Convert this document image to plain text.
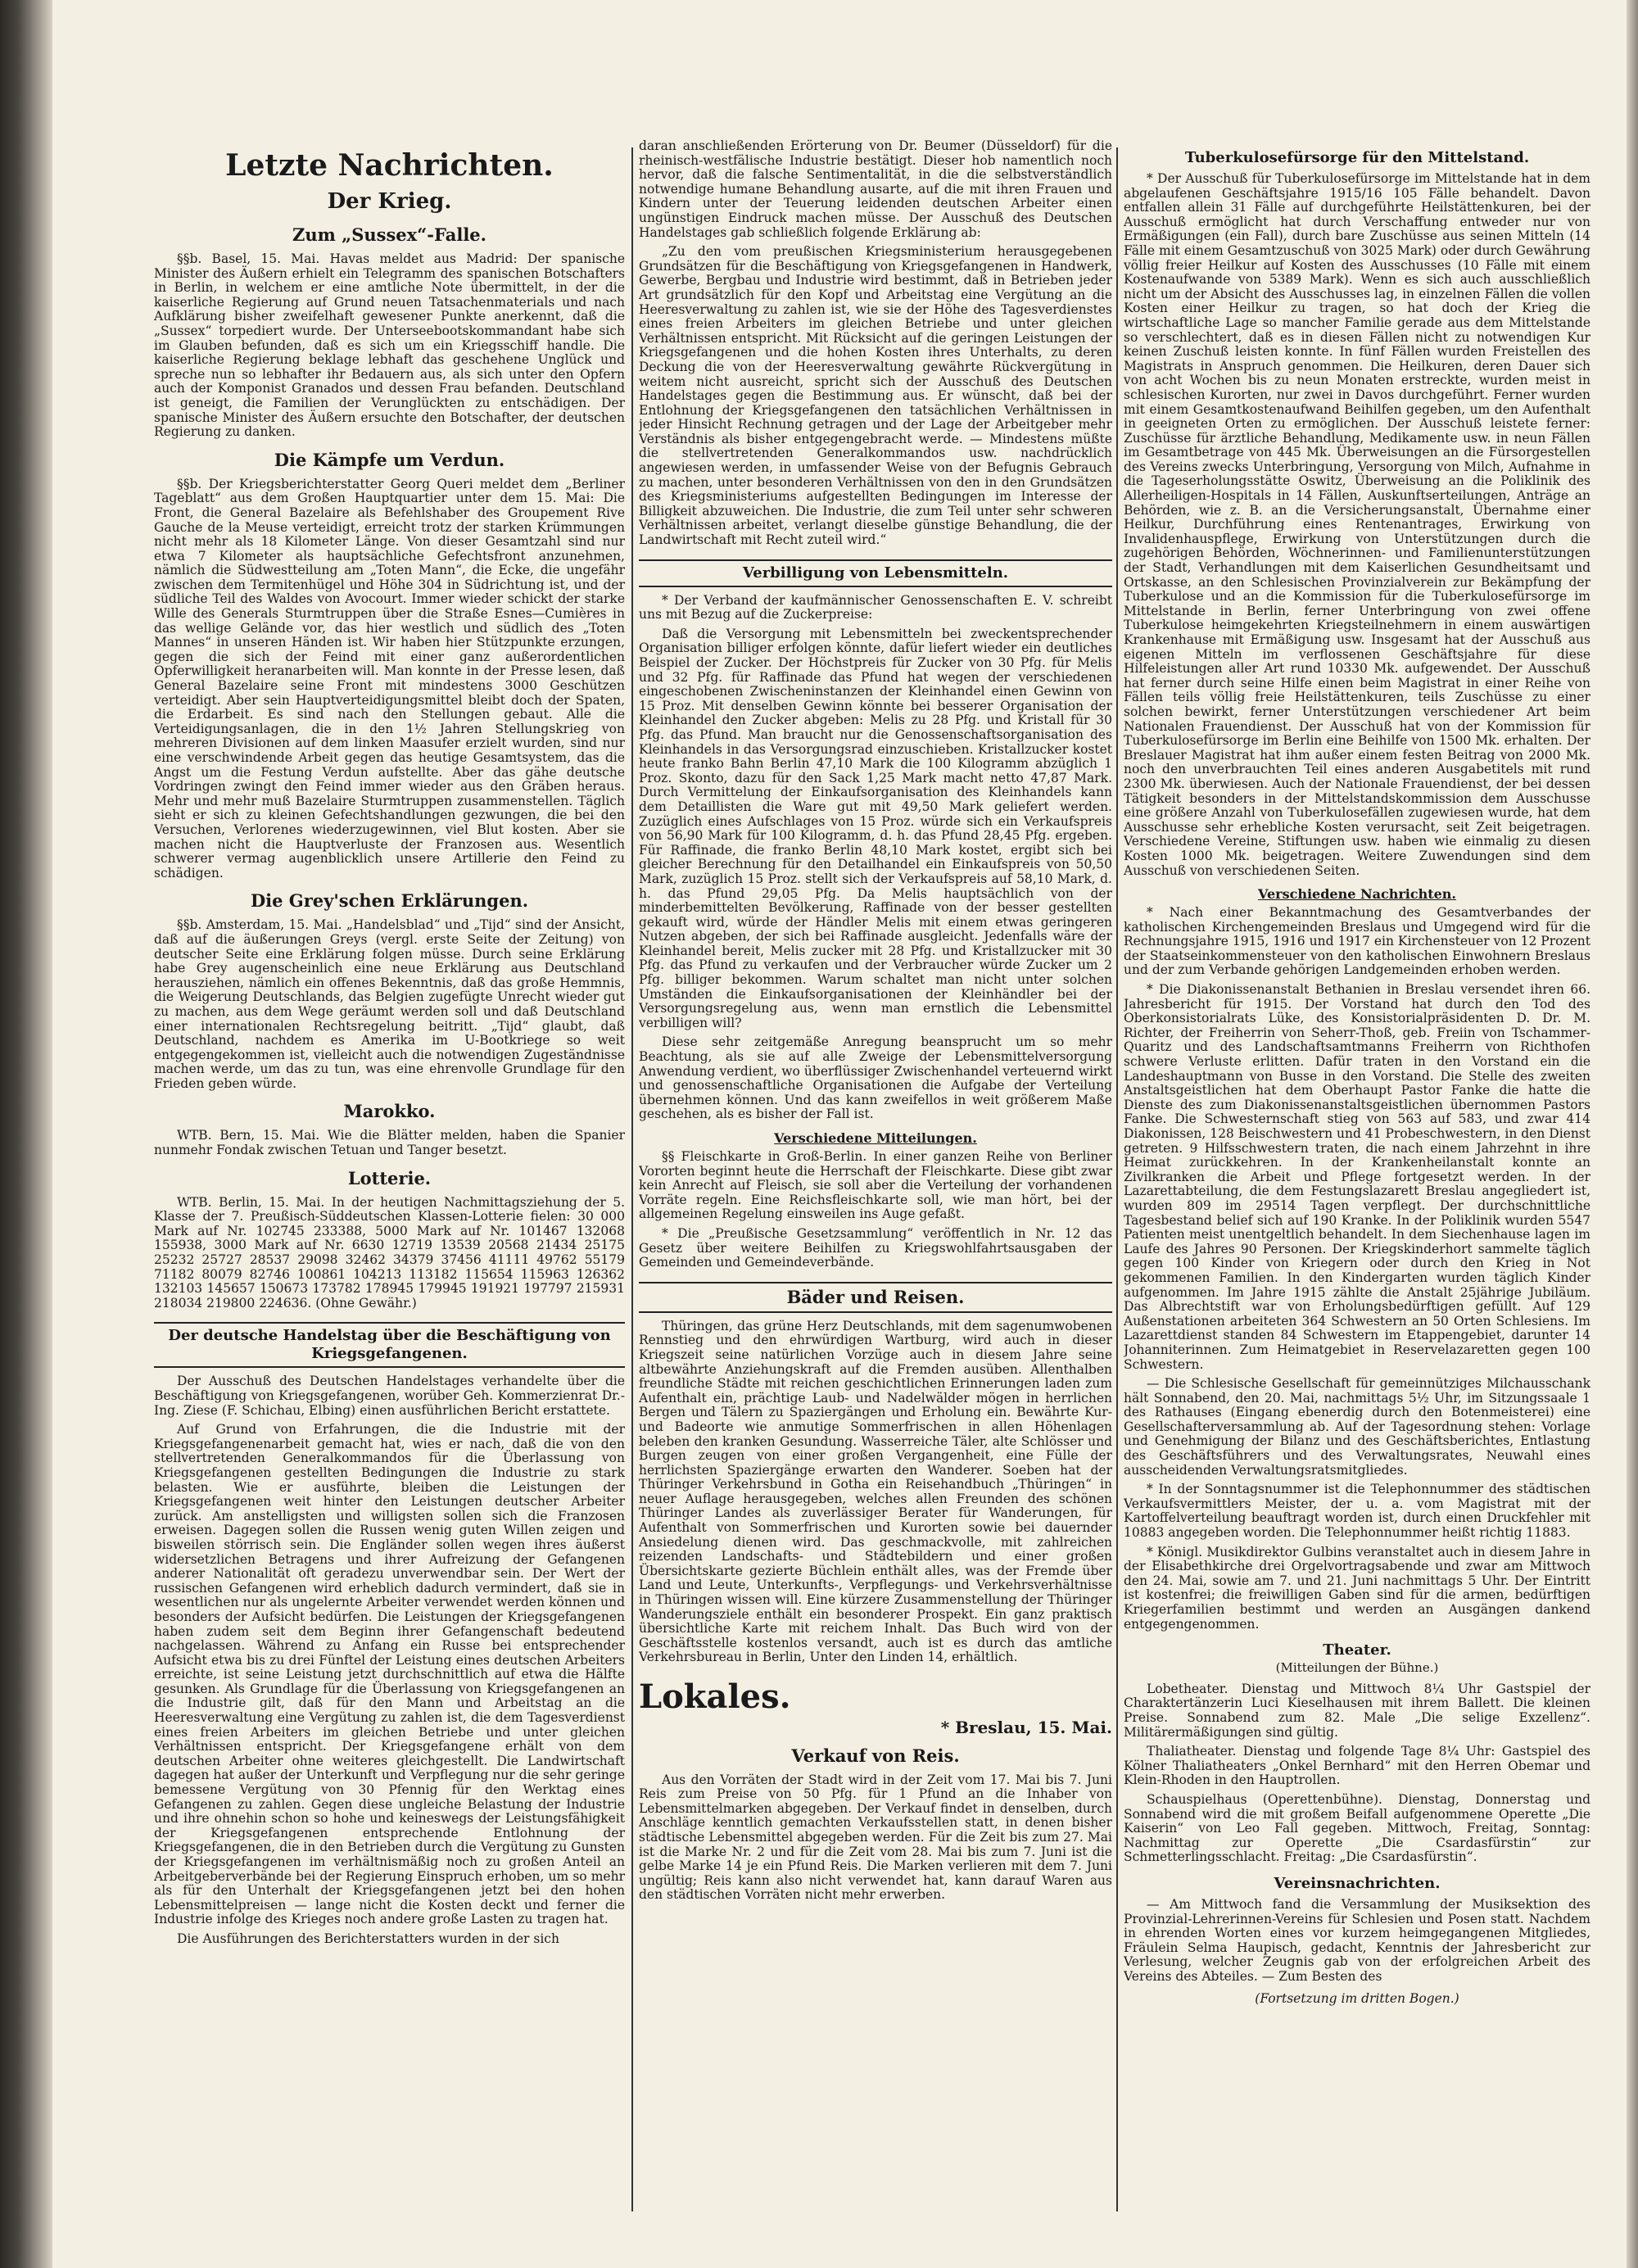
Letzte Nachrichten.
Der Krieg.
Zum „Sussex“-Falle.

§§b. Basel, 15. Mai. Havas meldet aus Madrid: Der spanische Minister des Äußern erhielt ein Telegramm des spanischen Botschafters in Berlin, in welchem er eine amtliche Note übermittelt, in der die kaiserliche Regierung auf Grund neuen Tatsachenmaterials und nach Aufklärung bisher zweifelhaft gewesener Punkte anerkennt, daß die „Sussex“ torpediert wurde. Der Unterseebootskommandant habe sich im Glauben befunden, daß es sich um ein Kriegsschiff handle. Die kaiserliche Regierung beklage lebhaft das geschehene Unglück und spreche nun so lebhafter ihr Bedauern aus, als sich unter den Opfern auch der Komponist Granados und dessen Frau befanden. Deutschland ist geneigt, die Familien der Verunglückten zu entschädigen. Der spanische Minister des Äußern ersuchte den Botschafter, der deutschen Regierung zu danken.

Die Kämpfe um Verdun.

§§b. Der Kriegsberichterstatter Georg Queri meldet dem „Berliner Tageblatt“ aus dem Großen Hauptquartier unter dem 15. Mai: Die Front, die General Bazelaire als Befehlshaber des Groupement Rive Gauche de la Meuse verteidigt, erreicht trotz der starken Krümmungen nicht mehr als 18 Kilometer Länge. Von dieser Gesamtzahl sind nur etwa 7 Kilometer als hauptsächliche Gefechtsfront anzunehmen, nämlich die Südwestteilung am „Toten Mann“, die Ecke, die ungefähr zwischen dem Termitenhügel und Höhe 304 in Südrichtung ist, und der südliche Teil des Waldes von Avocourt. Immer wieder schickt der starke Wille des Generals Sturmtruppen über die Straße Esnes—Cumières in das wellige Gelände vor, das hier westlich und südlich des „Toten Mannes“ in unseren Händen ist. Wir haben hier Stützpunkte erzungen, gegen die sich der Feind mit einer ganz außerordentlichen Opferwilligkeit heranarbeiten will. Man konnte in der Presse lesen, daß General Bazelaire seine Front mit mindestens 3000 Geschützen verteidigt. Aber sein Hauptverteidigungsmittel bleibt doch der Spaten, die Erdarbeit. Es sind nach den Stellungen gebaut. Alle die Verteidigungsanlagen, die in den 1½ Jahren Stellungskrieg von mehreren Divisionen auf dem linken Maasufer erzielt wurden, sind nur eine verschwindende Arbeit gegen das heutige Gesamtsystem, das die Angst um die Festung Verdun aufstellte. Aber das gähe deutsche Vordringen zwingt den Feind immer wieder aus den Gräben heraus. Mehr und mehr muß Bazelaire Sturmtruppen zusammenstellen. Täglich sieht er sich zu kleinen Gefechtshandlungen gezwungen, die bei den Versuchen, Verlorenes wiederzugewinnen, viel Blut kosten. Aber sie machen nicht die Hauptverluste der Franzosen aus. Wesentlich schwerer vermag augenblicklich unsere Artillerie den Feind zu schädigen.

Die Grey'schen Erklärungen.

§§b. Amsterdam, 15. Mai. „Handelsblad“ und „Tijd“ sind der Ansicht, daß auf die äußerungen Greys (vergl. erste Seite der Zeitung) von deutscher Seite eine Erklärung folgen müsse. Durch seine Erklärung habe Grey augenscheinlich eine neue Erklärung aus Deutschland herausziehen, nämlich ein offenes Bekenntnis, daß das große Hemmnis, die Weigerung Deutschlands, das Belgien zugefügte Unrecht wieder gut zu machen, aus dem Wege geräumt werden soll und daß Deutschland einer internationalen Rechtsregelung beitritt. „Tijd“ glaubt, daß Deutschland, nachdem es Amerika im U-Bootkriege so weit entgegengekommen ist, vielleicht auch die notwendigen Zugeständnisse machen werde, um das zu tun, was eine ehrenvolle Grundlage für den Frieden geben würde.

Marokko.

WTB. Bern, 15. Mai. Wie die Blätter melden, haben die Spanier nunmehr Fondak zwischen Tetuan und Tanger besetzt.

Lotterie.

WTB. Berlin, 15. Mai. In der heutigen Nachmittagsziehung der 5. Klasse der 7. Preußisch-Süddeutschen Klassen-Lotterie fielen: 30 000 Mark auf Nr. 102745 233388, 5000 Mark auf Nr. 101467 132068 155938, 3000 Mark auf Nr. 6630 12719 13539 20568 21434 25175 25232 25727 28537 29098 32462 34379 37456 41111 49762 55179 71182 80079 82746 100861 104213 113182 115654 115963 126362 132103 145657 150673 173782 178945 179945 191921 197797 215931 218034 219800 224636. (Ohne Gewähr.)

Der deutsche Handelstag über die Beschäftigung von Kriegsgefangenen.

Der Ausschuß des Deutschen Handelstages verhandelte über die Beschäftigung von Kriegsgefangenen, worüber Geh. Kommerzienrat Dr.-Ing. Ziese (F. Schichau, Elbing) einen ausführlichen Bericht erstattete.

Auf Grund von Erfahrungen, die die Industrie mit der Kriegsgefangenenarbeit gemacht hat, wies er nach, daß die von den stellvertretenden Generalkommandos für die Überlassung von Kriegsgefangenen gestellten Bedingungen die Industrie zu stark belasten. Wie er ausführte, bleiben die Leistungen der Kriegsgefangenen weit hinter den Leistungen deutscher Arbeiter zurück. Am anstelligsten und willigsten sollen sich die Franzosen erweisen. Dagegen sollen die Russen wenig guten Willen zeigen und bisweilen störrisch sein. Die Engländer sollen wegen ihres äußerst widersetzlichen Betragens und ihrer Aufreizung der Gefangenen anderer Nationalität oft geradezu unverwendbar sein. Der Wert der russischen Gefangenen wird erheblich dadurch vermindert, daß sie in wesentlichen nur als ungelernte Arbeiter verwendet werden können und besonders der Aufsicht bedürfen. Die Leistungen der Kriegsgefangenen haben zudem seit dem Beginn ihrer Gefangenschaft bedeutend nachgelassen. Während zu Anfang ein Russe bei entsprechender Aufsicht etwa bis zu drei Fünftel der Leistung eines deutschen Arbeiters erreichte, ist seine Leistung jetzt durchschnittlich auf etwa die Hälfte gesunken. Als Grundlage für die Überlassung von Kriegsgefangenen an die Industrie gilt, daß für den Mann und Arbeitstag an die Heeresverwaltung eine Vergütung zu zahlen ist, die dem Tagesverdienst eines freien Arbeiters im gleichen Betriebe und unter gleichen Verhältnissen entspricht. Der Kriegsgefangene erhält von dem deutschen Arbeiter ohne weiteres gleichgestellt. Die Landwirtschaft dagegen hat außer der Unterkunft und Verpflegung nur die sehr geringe bemessene Vergütung von 30 Pfennig für den Werktag eines Gefangenen zu zahlen. Gegen diese ungleiche Belastung der Industrie und ihre ohnehin schon so hohe und keineswegs der Leistungsfähigkeit der Kriegsgefangenen entsprechende Entlohnung der Kriegsgefangenen, die in den Betrieben durch die Vergütung zu Gunsten der Kriegsgefangenen im verhältnismäßig noch zu großen Anteil an Arbeitgeberverbände bei der Regierung Einspruch erhoben, um so mehr als für den Unterhalt der Kriegsgefangenen jetzt bei den hohen Lebensmittelpreisen — lange nicht die Kosten deckt und ferner die Industrie infolge des Krieges noch andere große Lasten zu tragen hat.

Die Ausführungen des Berichterstatters wurden in der sich

daran anschließenden Erörterung von Dr. Beumer (Düsseldorf) für die rheinisch-westfälische Industrie bestätigt. Dieser hob namentlich noch hervor, daß die falsche Sentimentalität, in die die selbstverständlich notwendige humane Behandlung ausarte, auf die mit ihren Frauen und Kindern unter der Teuerung leidenden deutschen Arbeiter einen ungünstigen Eindruck machen müsse. Der Ausschuß des Deutschen Handelstages gab schließlich folgende Erklärung ab:

„Zu den vom preußischen Kriegsministerium herausgegebenen Grundsätzen für die Beschäftigung von Kriegsgefangenen in Handwerk, Gewerbe, Bergbau und Industrie wird bestimmt, daß in Betrieben jeder Art grundsätzlich für den Kopf und Arbeitstag eine Vergütung an die Heeresverwaltung zu zahlen ist, wie sie der Höhe des Tagesverdienstes eines freien Arbeiters im gleichen Betriebe und unter gleichen Verhältnissen entspricht. Mit Rücksicht auf die geringen Leistungen der Kriegsgefangenen und die hohen Kosten ihres Unterhalts, zu deren Deckung die von der Heeresverwaltung gewährte Rückvergütung in weitem nicht ausreicht, spricht sich der Ausschuß des Deutschen Handelstages gegen die Bestimmung aus. Er wünscht, daß bei der Entlohnung der Kriegsgefangenen den tatsächlichen Verhältnissen in jeder Hinsicht Rechnung getragen und der Lage der Arbeitgeber mehr Verständnis als bisher entgegengebracht werde. — Mindestens müßte die stellvertretenden Generalkommandos usw. nachdrücklich angewiesen werden, in umfassender Weise von der Befugnis Gebrauch zu machen, unter besonderen Verhältnissen von den in den Grundsätzen des Kriegsministeriums aufgestellten Bedingungen im Interesse der Billigkeit abzuweichen. Die Industrie, die zum Teil unter sehr schweren Verhältnissen arbeitet, verlangt dieselbe günstige Behandlung, die der Landwirtschaft mit Recht zuteil wird.“

Verbilligung von Lebensmitteln.

* Der Verband der kaufmännischer Genossenschaften E. V. schreibt uns mit Bezug auf die Zuckerpreise:

Daß die Versorgung mit Lebensmitteln bei zweckentsprechender Organisation billiger erfolgen könnte, dafür liefert wieder ein deutliches Beispiel der Zucker. Der Höchstpreis für Zucker von 30 Pfg. für Melis und 32 Pfg. für Raffinade das Pfund hat wegen der verschiedenen eingeschobenen Zwischeninstanzen der Kleinhandel einen Gewinn von 15 Proz. Mit denselben Gewinn könnte bei besserer Organisation der Kleinhandel den Zucker abgeben: Melis zu 28 Pfg. und Kristall für 30 Pfg. das Pfund. Man braucht nur die Genossenschaftsorganisation des Kleinhandels in das Versorgungsrad einzuschieben. Kristallzucker kostet heute franko Bahn Berlin 47,10 Mark die 100 Kilogramm abzüglich 1 Proz. Skonto, dazu für den Sack 1,25 Mark macht netto 47,87 Mark. Durch Vermittelung der Einkaufsorganisation des Kleinhandels kann dem Detaillisten die Ware gut mit 49,50 Mark geliefert werden. Zuzüglich eines Aufschlages von 15 Proz. würde sich ein Verkaufspreis von 56,90 Mark für 100 Kilogramm, d. h. das Pfund 28,45 Pfg. ergeben. Für Raffinade, die franko Berlin 48,10 Mark kostet, ergibt sich bei gleicher Berechnung für den Detailhandel ein Einkaufspreis von 50,50 Mark, zuzüglich 15 Proz. stellt sich der Verkaufspreis auf 58,10 Mark, d. h. das Pfund 29,05 Pfg. Da Melis hauptsächlich von der minderbemittelten Bevölkerung, Raffinade von der besser gestellten gekauft wird, würde der Händler Melis mit einem etwas geringeren Nutzen abgeben, der sich bei Raffinade ausgleicht. Jedenfalls wäre der Kleinhandel bereit, Melis zucker mit 28 Pfg. und Kristallzucker mit 30 Pfg. das Pfund zu verkaufen und der Verbraucher würde Zucker um 2 Pfg. billiger bekommen. Warum schaltet man nicht unter solchen Umständen die Einkaufsorganisationen der Kleinhändler bei der Versorgungsregelung aus, wenn man ernstlich die Lebensmittel verbilligen will?

Diese sehr zeitgemäße Anregung beansprucht um so mehr Beachtung, als sie auf alle Zweige der Lebensmittelversorgung Anwendung verdient, wo überflüssiger Zwischenhandel verteuernd wirkt und genossenschaftliche Organisationen die Aufgabe der Verteilung übernehmen können. Und das kann zweifellos in weit größerem Maße geschehen, als es bisher der Fall ist.

Verschiedene Mitteilungen.

§§ Fleischkarte in Groß-Berlin. In einer ganzen Reihe von Berliner Vororten beginnt heute die Herrschaft der Fleischkarte. Diese gibt zwar kein Anrecht auf Fleisch, sie soll aber die Verteilung der vorhandenen Vorräte regeln. Eine Reichsfleischkarte soll, wie man hört, bei der allgemeinen Regelung einsweilen ins Auge gefaßt.

* Die „Preußische Gesetzsammlung“ veröffentlich in Nr. 12 das Gesetz über weitere Beihilfen zu Kriegswohlfahrtsausgaben der Gemeinden und Gemeindeverbände.

Bäder und Reisen.

Thüringen, das grüne Herz Deutschlands, mit dem sagenumwobenen Rennstieg und den ehrwürdigen Wartburg, wird auch in dieser Kriegszeit seine natürlichen Vorzüge auch in diesem Jahre seine altbewährte Anziehungskraft auf die Fremden ausüben. Allenthalben freundliche Städte mit reichen geschichtlichen Erinnerungen laden zum Aufenthalt ein, prächtige Laub- und Nadelwälder mögen in herrlichen Bergen und Tälern zu Spaziergängen und Erholung ein. Bewährte Kur- und Badeorte wie anmutige Sommerfrischen in allen Höhenlagen beleben den kranken Gesundung. Wasserreiche Täler, alte Schlösser und Burgen zeugen von einer großen Vergangenheit, eine Fülle der herrlichsten Spaziergänge erwarten den Wanderer. Soeben hat der Thüringer Verkehrsbund in Gotha ein Reisehandbuch „Thüringen“ in neuer Auflage herausgegeben, welches allen Freunden des schönen Thüringer Landes als zuverlässiger Berater für Wanderungen, für Aufenthalt von Sommerfrischen und Kurorten sowie bei dauernder Ansiedelung dienen wird. Das geschmackvolle, mit zahlreichen reizenden Landschafts- und Städtebildern und einer großen Übersichtskarte gezierte Büchlein enthält alles, was der Fremde über Land und Leute, Unterkunfts-, Verpflegungs- und Verkehrsverhältnisse in Thüringen wissen will. Eine kürzere Zusammenstellung der Thüringer Wanderungsziele enthält ein besonderer Prospekt. Ein ganz praktisch übersichtliche Karte mit reichem Inhalt. Das Buch wird von der Geschäftsstelle kostenlos versandt, auch ist es durch das amtliche Verkehrsbureau in Berlin, Unter den Linden 14, erhältlich.

Lokales.
* Breslau, 15. Mai.
Verkauf von Reis.

Aus den Vorräten der Stadt wird in der Zeit vom 17. Mai bis 7. Juni Reis zum Preise von 50 Pfg. für 1 Pfund an die Inhaber von Lebensmittelmarken abgegeben. Der Verkauf findet in denselben, durch Anschläge kenntlich gemachten Verkaufsstellen statt, in denen bisher städtische Lebensmittel abgegeben werden. Für die Zeit bis zum 27. Mai ist die Marke Nr. 2 und für die Zeit vom 28. Mai bis zum 7. Juni ist die gelbe Marke 14 je ein Pfund Reis. Die Marken verlieren mit dem 7. Juni ungültig; Reis kann also nicht verwendet hat, kann darauf Waren aus den städtischen Vorräten nicht mehr erwerben.

Tuberkulosefürsorge für den Mittelstand.

* Der Ausschuß für Tuberkulosefürsorge im Mittelstande hat in dem abgelaufenen Geschäftsjahre 1915/16 105 Fälle behandelt. Davon entfallen allein 31 Fälle auf durchgeführte Heilstättenkuren, bei der Ausschuß ermöglicht hat durch Verschaffung entweder nur von Ermäßigungen (ein Fall), durch bare Zuschüsse aus seinen Mitteln (14 Fälle mit einem Gesamtzuschuß von 3025 Mark) oder durch Gewährung völlig freier Heilkur auf Kosten des Ausschusses (10 Fälle mit einem Kostenaufwande von 5389 Mark). Wenn es sich auch ausschließlich nicht um der Absicht des Ausschusses lag, in einzelnen Fällen die vollen Kosten einer Heilkur zu tragen, so hat doch der Krieg die wirtschaftliche Lage so mancher Familie gerade aus dem Mittelstande so verschlechtert, daß es in diesen Fällen nicht zu notwendigen Kur keinen Zuschuß leisten konnte. In fünf Fällen wurden Freistellen des Magistrats in Anspruch genommen. Die Heilkuren, deren Dauer sich von acht Wochen bis zu neun Monaten erstreckte, wurden meist in schlesischen Kurorten, nur zwei in Davos durchgeführt. Ferner wurden mit einem Gesamtkostenaufwand Beihilfen gegeben, um den Aufenthalt in geeigneten Orten zu ermöglichen. Der Ausschuß leistete ferner: Zuschüsse für ärztliche Behandlung, Medikamente usw. in neun Fällen im Gesamtbetrage von 445 Mk. Überweisungen an die Fürsorgestellen des Vereins zwecks Unterbringung, Versorgung von Milch, Aufnahme in die Tageserholungsstätte Oswitz, Überweisung an die Poliklinik des Allerheiligen-Hospitals in 14 Fällen, Auskunftserteilungen, Anträge an Behörden, wie z. B. an die Versicherungsanstalt, Übernahme einer Heilkur, Durchführung eines Rentenantrages, Erwirkung von Invalidenhauspflege, Erwirkung von Unterstützungen durch die zugehörigen Behörden, Wöchnerinnen- und Familienunterstützungen der Stadt, Verhandlungen mit dem Kaiserlichen Gesundheitsamt und Ortskasse, an den Schlesischen Provinzialverein zur Bekämpfung der Tuberkulose und an die Kommission für die Tuberkulosefürsorge im Mittelstande in Berlin, ferner Unterbringung von zwei offene Tuberkulose heimgekehrten Kriegsteilnehmern in einem auswärtigen Krankenhause mit Ermäßigung usw. Insgesamt hat der Ausschuß aus eigenen Mitteln im verflossenen Geschäftsjahre für diese Hilfeleistungen aller Art rund 10330 Mk. aufgewendet. Der Ausschuß hat ferner durch seine Hilfe einen beim Magistrat in einer Reihe von Fällen teils völlig freie Heilstättenkuren, teils Zuschüsse zu einer solchen bewirkt, ferner Unterstützungen verschiedener Art beim Nationalen Frauendienst. Der Ausschuß hat von der Kommission für Tuberkulosefürsorge im Berlin eine Beihilfe von 1500 Mk. erhalten. Der Breslauer Magistrat hat ihm außer einem festen Beitrag von 2000 Mk. noch den unverbrauchten Teil eines anderen Ausgabetitels mit rund 2300 Mk. überwiesen. Auch der Nationale Frauendienst, der bei dessen Tätigkeit besonders in der Mittelstandskommission dem Ausschusse eine größere Anzahl von Tuberkulosefällen zugewiesen wurde, hat dem Ausschusse sehr erhebliche Kosten verursacht, seit Zeit beigetragen. Verschiedene Vereine, Stiftungen usw. haben wie einmalig zu diesen Kosten 1000 Mk. beigetragen. Weitere Zuwendungen sind dem Ausschuß von verschiedenen Seiten.

Verschiedene Nachrichten.

* Nach einer Bekanntmachung des Gesamtverbandes der katholischen Kirchengemeinden Breslaus und Umgegend wird für die Rechnungsjahre 1915, 1916 und 1917 ein Kirchensteuer von 12 Prozent der Staatseinkommensteuer von den katholischen Einwohnern Breslaus und der zum Verbande gehörigen Landgemeinden erhoben werden.

* Die Diakonissenanstalt Bethanien in Breslau versendet ihren 66. Jahresbericht für 1915. Der Vorstand hat durch den Tod des Oberkonsistorialrats Lüke, des Konsistorialpräsidenten D. Dr. M. Richter, der Freiherrin von Seherr-Thoß, geb. Freiin von Tschammer-Quaritz und des Landschaftsamtmanns Freiherrn von Richthofen schwere Verluste erlitten. Dafür traten in den Vorstand ein die Landeshauptmann von Busse in den Vorstand. Die Stelle des zweiten Anstaltsgeistlichen hat dem Oberhaupt Pastor Fanke die hatte die Dienste des zum Diakonissenanstaltsgeistlichen übernommen Pastors Fanke. Die Schwesternschaft stieg von 563 auf 583, und zwar 414 Diakonissen, 128 Beischwestern und 41 Probeschwestern, in den Dienst getreten. 9 Hilfsschwestern traten, die nach einem Jahrzehnt in ihre Heimat zurückkehren. In der Krankenheilanstalt konnte an Zivilkranken die Arbeit und Pflege fortgesetzt werden. In der Lazarettabteilung, die dem Festungslazarett Breslau angegliedert ist, wurden 809 im 29514 Tagen verpflegt. Der durchschnittliche Tagesbestand belief sich auf 190 Kranke. In der Poliklinik wurden 5547 Patienten meist unentgeltlich behandelt. In dem Siechenhause lagen im Laufe des Jahres 90 Personen. Der Kriegskinderhort sammelte täglich gegen 100 Kinder von Kriegern oder durch den Krieg in Not gekommenen Familien. In den Kindergarten wurden täglich Kinder aufgenommen. Im Jahre 1915 zählte die Anstalt 25jährige Jubiläum. Das Albrechtstift war von Erholungsbedürftigen gefüllt. Auf 129 Außenstationen arbeiteten 364 Schwestern an 50 Orten Schlesiens. Im Lazarettdienst standen 84 Schwestern im Etappengebiet, darunter 14 Johanniterinnen. Zum Heimatgebiet in Reservelazaretten gegen 100 Schwestern.

— Die Schlesische Gesellschaft für gemeinnütziges Milchausschank hält Sonnabend, den 20. Mai, nachmittags 5½ Uhr, im Sitzungssaale 1 des Rathauses (Eingang ebenerdig durch den Botenmeisterei) eine Gesellschafterversammlung ab. Auf der Tagesordnung stehen: Vorlage und Genehmigung der Bilanz und des Geschäftsberichtes, Entlastung des Geschäftsführers und des Verwaltungsrates, Neuwahl eines ausscheidenden Verwaltungsratsmitgliedes.

* In der Sonntagsnummer ist die Telephonnummer des städtischen Verkaufsvermittlers Meister, der u. a. vom Magistrat mit der Kartoffelverteilung beauftragt worden ist, durch einen Druckfehler mit 10883 angegeben worden. Die Telephonnummer heißt richtig 11883.

* Königl. Musikdirektor Gulbins veranstaltet auch in diesem Jahre in der Elisabethkirche drei Orgelvortragsabende und zwar am Mittwoch den 24. Mai, sowie am 7. und 21. Juni nachmittags 5 Uhr. Der Eintritt ist kostenfrei; die freiwilligen Gaben sind für die armen, bedürftigen Kriegerfamilien bestimmt und werden an Ausgängen dankend entgegengenommen.

Theater.
(Mitteilungen der Bühne.)

Lobetheater. Dienstag und Mittwoch 8¼ Uhr Gastspiel der Charaktertänzerin Luci Kieselhausen mit ihrem Ballett. Die kleinen Preise. Sonnabend zum 82. Male „Die selige Exzellenz“. Militärermäßigungen sind gültig.

Thaliatheater. Dienstag und folgende Tage 8¼ Uhr: Gastspiel des Kölner Thaliatheaters „Onkel Bernhard“ mit den Herren Obemar und Klein-Rhoden in den Hauptrollen.

Schauspielhaus (Operettenbühne). Dienstag, Donnerstag und Sonnabend wird die mit großem Beifall aufgenommene Operette „Die Kaiserin“ von Leo Fall gegeben. Mittwoch, Freitag, Sonntag: Nachmittag zur Operette „Die Csardasfürstin“ zur Schmetterlingsschlacht. Freitag: „Die Csardasfürstin“.

Vereinsnachrichten.

— Am Mittwoch fand die Versammlung der Musiksektion des Provinzial-Lehrerinnen-Vereins für Schlesien und Posen statt. Nachdem in ehrenden Worten eines vor kurzem heimgegangenen Mitgliedes, Fräulein Selma Haupisch, gedacht, Kenntnis der Jahresbericht zur Verlesung, welcher Zeugnis gab von der erfolgreichen Arbeit des Vereins des Abteiles. — Zum Besten des

(Fortsetzung im dritten Bogen.)
